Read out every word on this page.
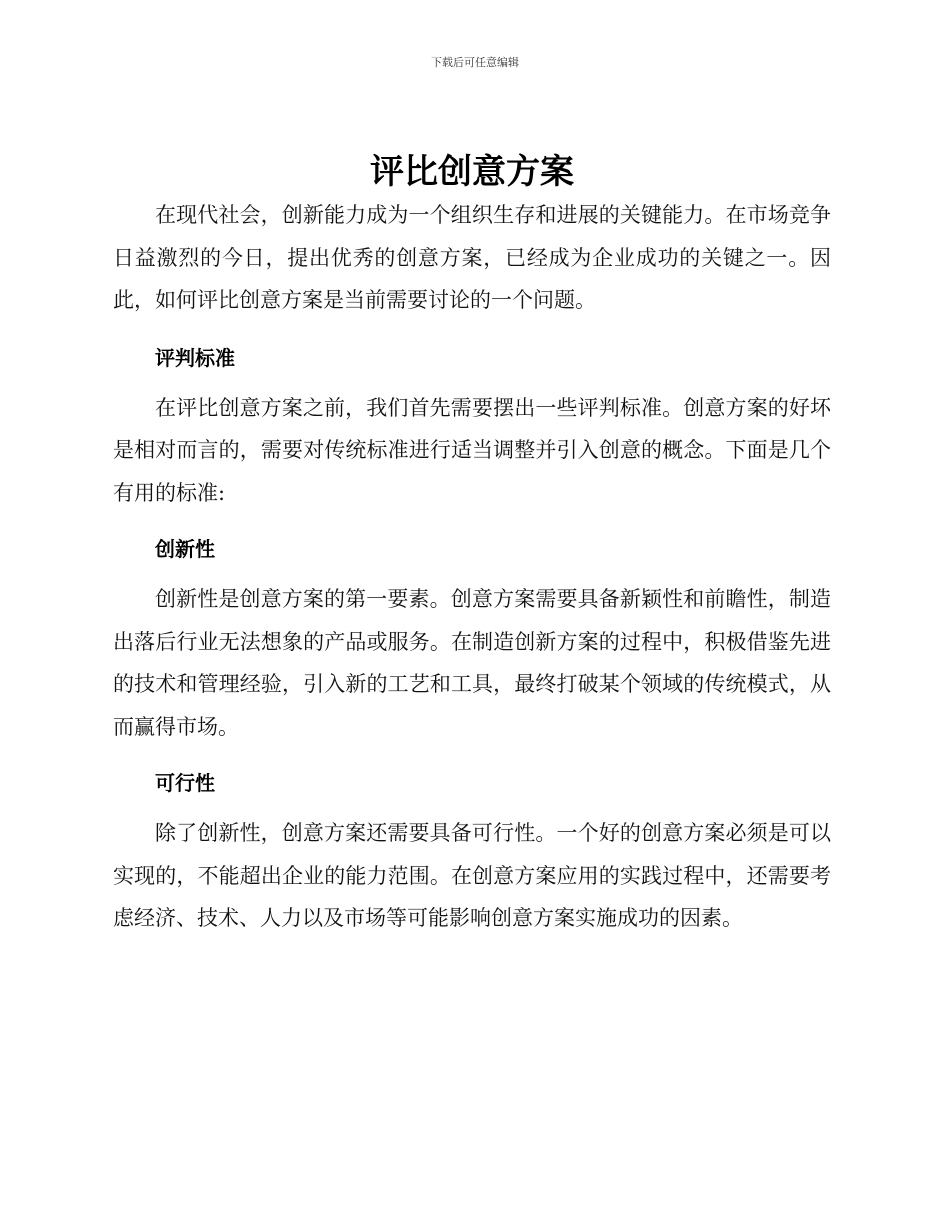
下载后可任意编辑
评比创意方案

在现代社会，创新能力成为一个组织生存和进展的关键能力。在市场竞争日益激烈的今日，提出优秀的创意方案，已经成为企业成功的关键之一。因此，如何评比创意方案是当前需要讨论的一个问题。

评判标准

在评比创意方案之前，我们首先需要摆出一些评判标准。创意方案的好坏是相对而言的，需要对传统标准进行适当调整并引入创意的概念。下面是几个有用的标准:

创新性

创新性是创意方案的第一要素。创意方案需要具备新颖性和前瞻性，制造出落后行业无法想象的产品或服务。在制造创新方案的过程中，积极借鉴先进的技术和管理经验，引入新的工艺和工具，最终打破某个领域的传统模式，从而赢得市场。

可行性

除了创新性，创意方案还需要具备可行性。一个好的创意方案必须是可以实现的，不能超出企业的能力范围。在创意方案应用的实践过程中，还需要考虑经济、技术、人力以及市场等可能影响创意方案实施成功的因素。
